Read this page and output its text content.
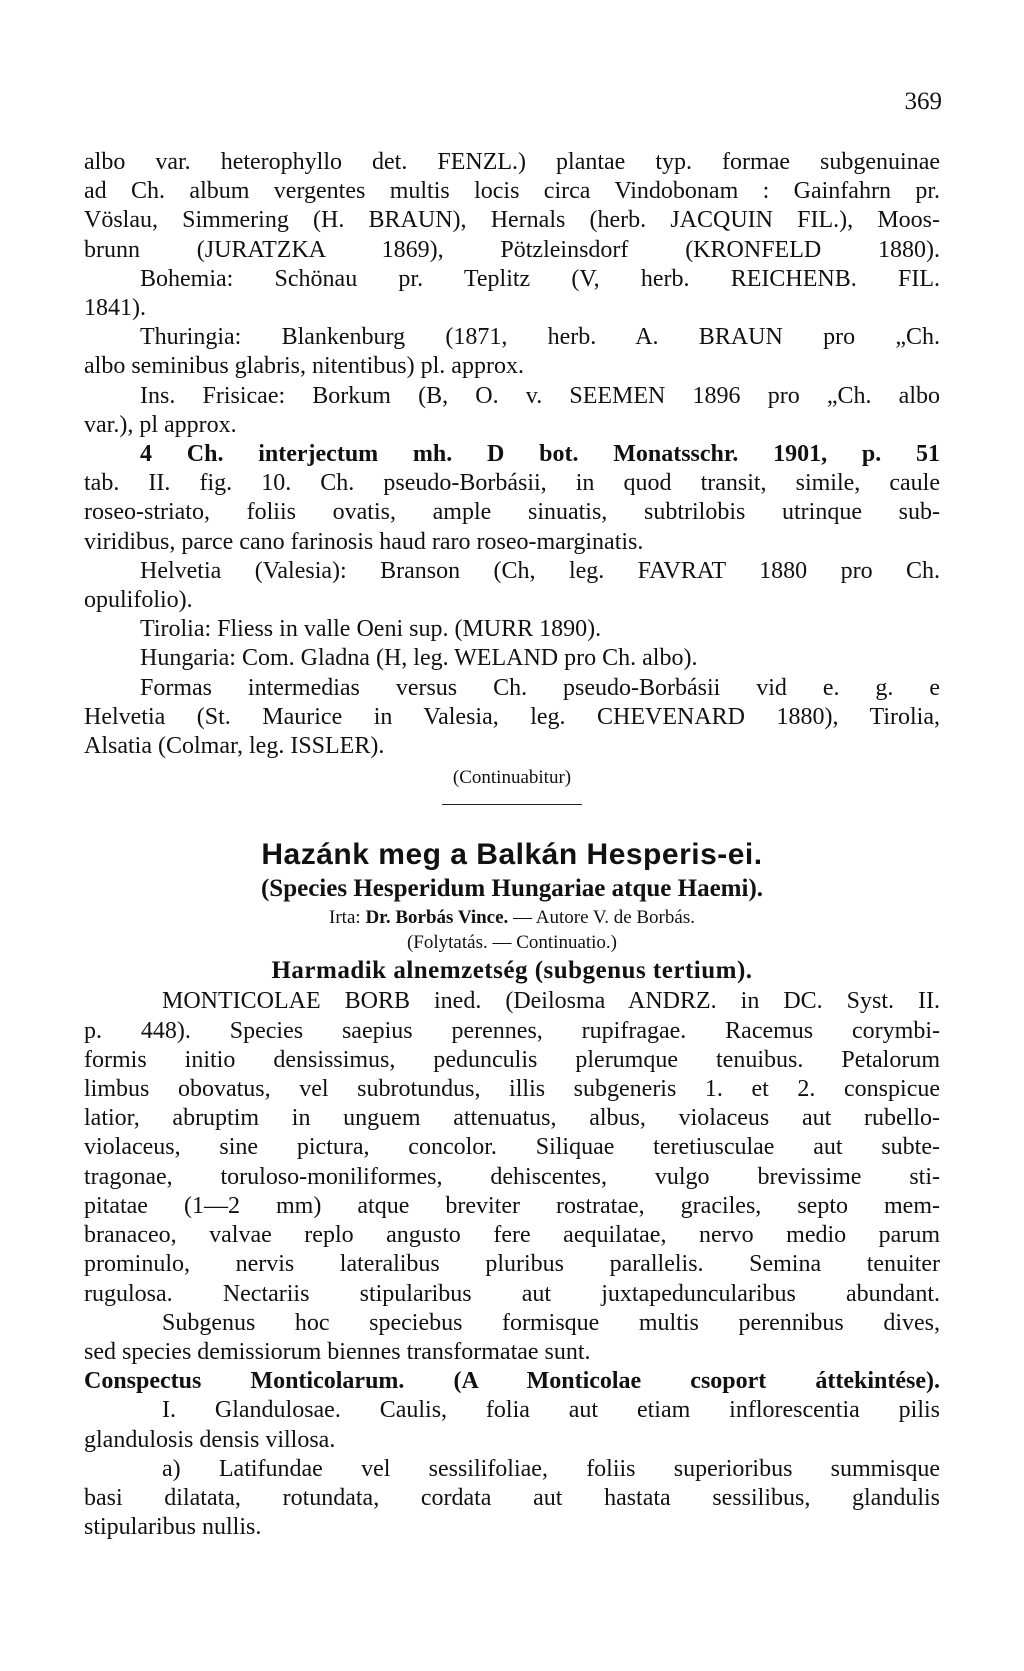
369
albo var. heterophyllo det. FENZL.) plantae typ. formae subgenuinae
ad Ch. album vergentes multis locis circa Vindobonam : Gainfahrn pr.
Vöslau, Simmering (H. BRAUN), Hernals (herb. JACQUIN FIL.), Moos-
brunn (JURATZKA 1869), Pötzleinsdorf (KRONFELD 1880).
Bohemia: Schönau pr. Teplitz (V, herb. REICHENB. FIL.
1841).
Thuringia: Blankenburg (1871, herb. A. BRAUN pro „Ch.
albo seminibus glabris, nitentibus) pl. approx.
Ins. Frisicae: Borkum (B, O. v. SEEMEN 1896 pro „Ch. albo
var.), pl approx.
4 Ch. interjectum mh. D bot. Monatsschr. 1901, p. 51
tab. II. fig. 10. Ch. pseudo-Borbásii, in quod transit, simile, caule
roseo-striato, foliis ovatis, ample sinuatis, subtrilobis utrinque sub-
viridibus, parce cano farinosis haud raro roseo-marginatis.
Helvetia (Valesia): Branson (Ch, leg. FAVRAT 1880 pro Ch.
opulifolio).
Tirolia: Fliess in valle Oeni sup. (MURR 1890).
Hungaria: Com. Gladna (H, leg. WELAND pro Ch. albo).
Formas intermedias versus Ch. pseudo-Borbásii vid e. g. e
Helvetia (St. Maurice in Valesia, leg. CHEVENARD 1880), Tirolia,
Alsatia (Colmar, leg. ISSLER).
(Continuabitur)
Hazánk meg a Balkán Hesperis-ei.
(Species Hesperidum Hungariae atque Haemi).
Irta: Dr. Borbás Vince. — Autore V. de Borbás.
(Folytatás. — Continuatio.)
Harmadik alnemzetség (subgenus tertium).
MONTICOLAE BORB ined. (Deilosma ANDRZ. in DC. Syst. II.
p. 448). Species saepius perennes, rupifragae. Racemus corymbi-
formis initio densissimus, pedunculis plerumque tenuibus. Petalorum
limbus obovatus, vel subrotundus, illis subgeneris 1. et 2. conspicue
latior, abruptim in unguem attenuatus, albus, violaceus aut rubello-
violaceus, sine pictura, concolor. Siliquae teretiusculae aut subte-
tragonae, toruloso-moniliformes, dehiscentes, vulgo brevissime sti-
pitatae (1—2 mm) atque breviter rostratae, graciles, septo mem-
branaceo, valvae replo angusto fere aequilatae, nervo medio parum
prominulo, nervis lateralibus pluribus parallelis. Semina tenuiter
rugulosa. Nectariis stipularibus aut juxtapeduncularibus abundant.
Subgenus hoc speciebus formisque multis perennibus dives,
sed species demissiorum biennes transformatae sunt.
Conspectus Monticolarum. (A Monticolae csoport áttekintése).
I. Glandulosae. Caulis, folia aut etiam inflorescentia pilis
glandulosis densis villosa.
a) Latifundae vel sessilifoliae, foliis superioribus summisque
basi dilatata, rotundata, cordata aut hastata sessilibus, glandulis
stipularibus nullis.
